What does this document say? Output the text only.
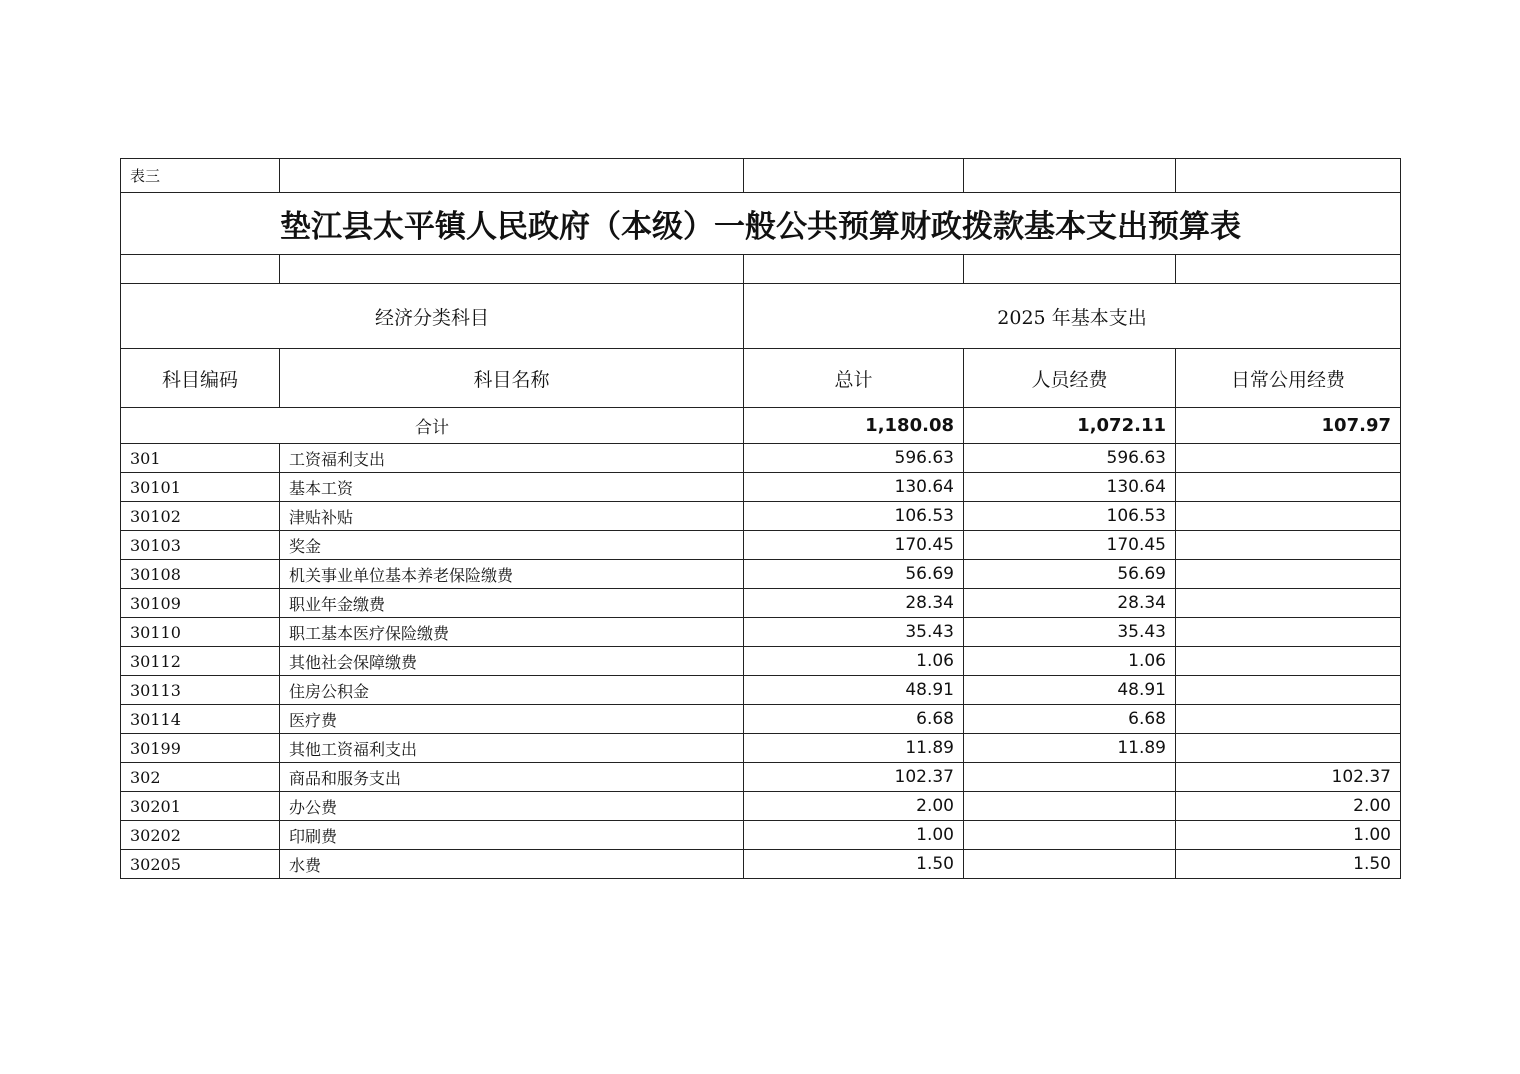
表三				
垫江县太平镇人民政府（本级）一般公共预算财政拨款基本支出预算表				

经济分类科目		2025 年基本支出		
科目编码	科目名称	总计	人员经费	日常公用经费
合计		1,180.08	1,072.11	107.97
301	工资福利支出	596.63	596.63	
30101	基本工资	130.64	130.64	
30102	津贴补贴	106.53	106.53	
30103	奖金	170.45	170.45	
30108	机关事业单位基本养老保险缴费	56.69	56.69	
30109	职业年金缴费	28.34	28.34	
30110	职工基本医疗保险缴费	35.43	35.43	
30112	其他社会保障缴费	1.06	1.06	
30113	住房公积金	48.91	48.91	
30114	医疗费	6.68	6.68	
30199	其他工资福利支出	11.89	11.89	
302	商品和服务支出	102.37		102.37
30201	办公费	2.00		2.00
30202	印刷费	1.00		1.00
30205	水费	1.50		1.50
